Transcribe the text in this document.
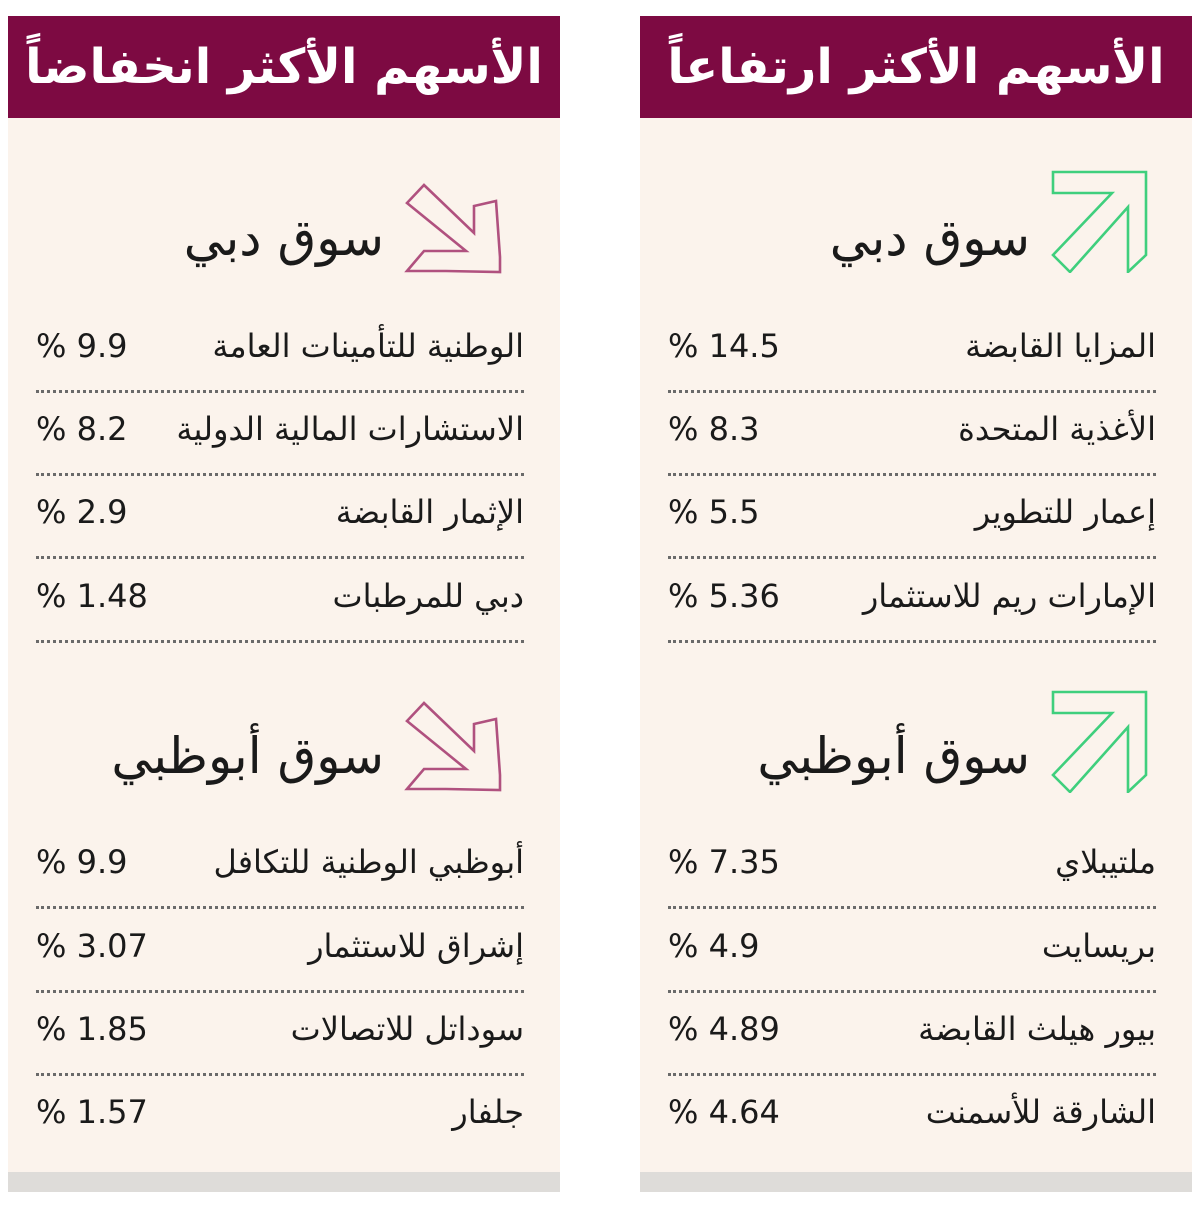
الأسهم الأكثر انخفاضاً
سوق دبي
الوطنية للتأمينات العامة
% 9.9
الاستشارات المالية الدولية
% 8.2
الإثمار القابضة
% 2.9
دبي للمرطبات
% 1.48
سوق أبوظبي
أبوظبي الوطنية للتكافل
% 9.9
إشراق للاستثمار
% 3.07
سوداتل للاتصالات
% 1.85
جلفار
% 1.57
الأسهم الأكثر ارتفاعاً
سوق دبي
المزايا القابضة
% 14.5
الأغذية المتحدة
% 8.3
إعمار للتطوير
% 5.5
الإمارات ريم للاستثمار
% 5.36
سوق أبوظبي
ملتيبلاي
% 7.35
بريسايت
% 4.9
بيور هيلث القابضة
% 4.89
الشارقة للأسمنت
% 4.64
